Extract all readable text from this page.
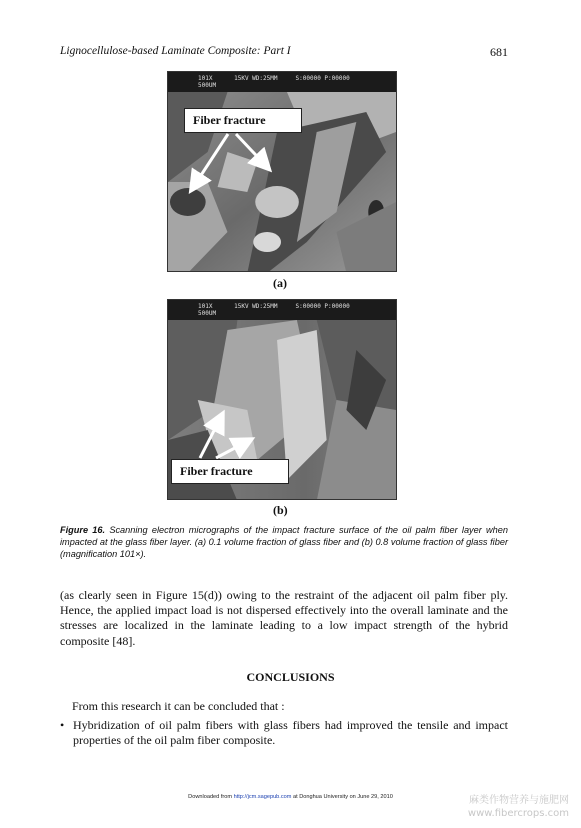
Lignocellulose-based Laminate Composite: Part I	681
101X      15KV WD:25MM     S:00000 P:00000
500UM
Fiber fracture
(a)
101X      15KV WD:25MM     S:00000 P:00000
500UM
Fiber fracture
(b)
Figure 16. Scanning electron micrographs of the impact fracture surface of the oil palm fiber layer when impacted at the glass fiber layer. (a) 0.1 volume fraction of glass fiber and (b) 0.8 volume fraction of glass fiber (magnification 101×).

(as clearly seen in Figure 15(d)) owing to the restraint of the adjacent oil palm fiber ply. Hence, the applied impact load is not dispersed effectively into the overall laminate and the stresses are localized in the laminate leading to a low impact strength of the hybrid composite [48].

CONCLUSIONS
From this research it can be concluded that :
• Hybridization of oil palm fibers with glass fibers had improved the tensile and impact properties of the oil palm fiber composite.
Downloaded from http://jcm.sagepub.com at Donghua University on June 29, 2010	麻类作物营养与施肥网
www.fibercrops.com
